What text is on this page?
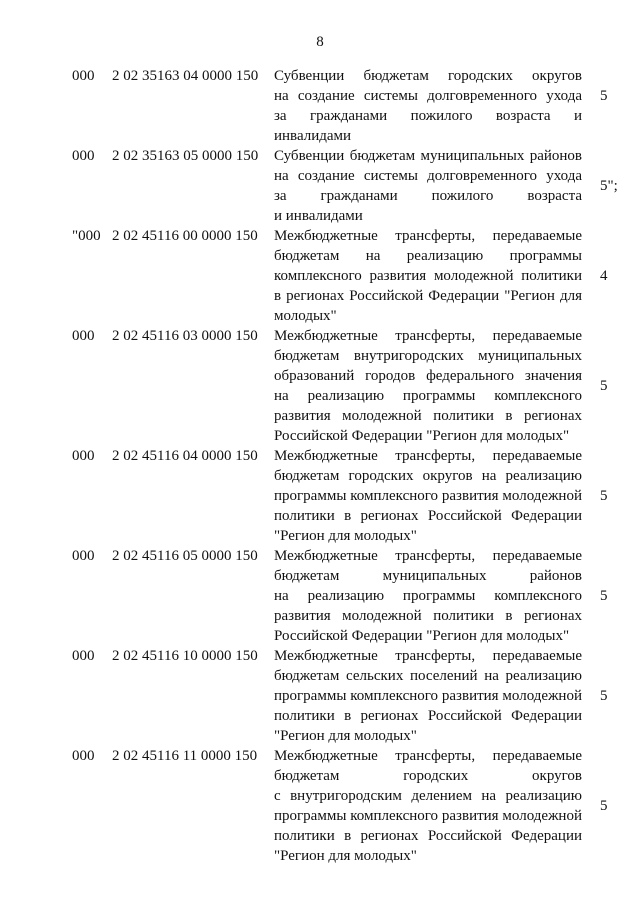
8
000	2 02 35163 04 0000 150	Субвенции бюджетам городских округов
на создание системы долговременного ухода
за гражданами пожилого возраста и инвалидами
5
000	2 02 35163 05 0000 150	Субвенции бюджетам муниципальных районов
на создание системы долговременного ухода
за гражданами пожилого возраста
и инвалидами
5";
"000 2 02 45116 00 0000 150	Межбюджетные трансферты, передаваемые
бюджетам на реализацию программы
комплексного развития молодежной политики
в регионах Российской Федерации "Регион для
молодых"
4
000	2 02 45116 03 0000 150	Межбюджетные трансферты, передаваемые
бюджетам внутригородских муниципальных
образований городов федерального значения
на реализацию программы комплексного
развития молодежной политики в регионах
Российской Федерации "Регион для молодых"
5
000	2 02 45116 04 0000 150	Межбюджетные трансферты, передаваемые
бюджетам городских округов на реализацию
программы комплексного развития молодежной
политики в регионах Российской Федерации
"Регион для молодых"
5
000	2 02 45116 05 0000 150	Межбюджетные трансферты, передаваемые
бюджетам муниципальных районов
на реализацию программы комплексного
развития молодежной политики в регионах
Российской Федерации "Регион для молодых"
5
000	2 02 45116 10 0000 150	Межбюджетные трансферты, передаваемые
бюджетам сельских поселений на реализацию
программы комплексного развития молодежной
политики в регионах Российской Федерации
"Регион для молодых"
5
000	2 02 45116 11 0000 150	Межбюджетные трансферты, передаваемые
бюджетам городских округов
с внутригородским делением на реализацию
программы комплексного развития молодежной
политики в регионах Российской Федерации
"Регион для молодых"
5
